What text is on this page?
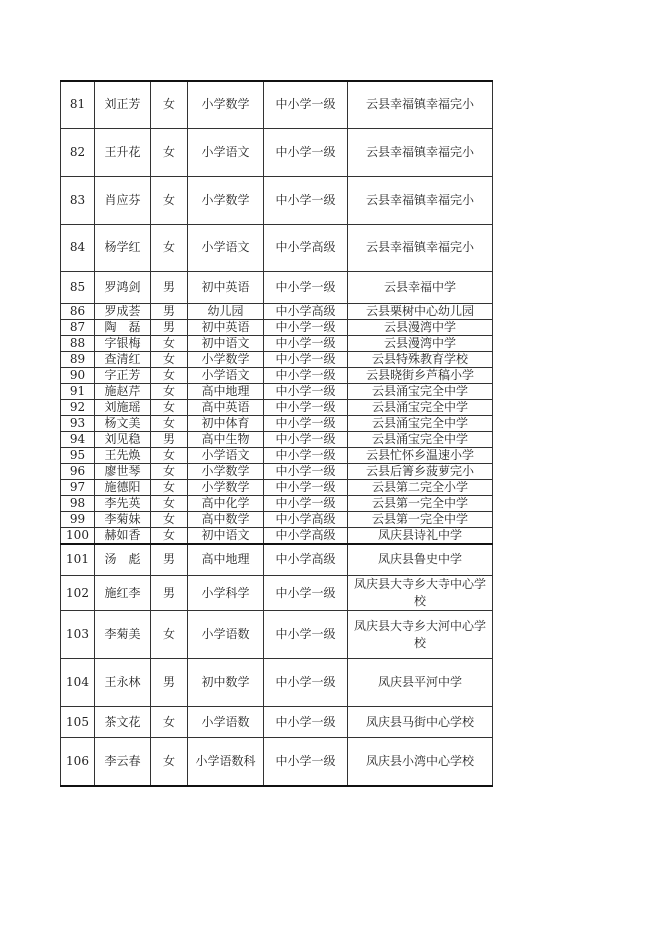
81	刘正芳	女	小学数学	中小学一级	云县幸福镇幸福完小
82	王升花	女	小学语文	中小学一级	云县幸福镇幸福完小
83	肖应芬	女	小学数学	中小学一级	云县幸福镇幸福完小
84	杨学红	女	小学语文	中小学高级	云县幸福镇幸福完小
85	罗鸿剑	男	初中英语	中小学一级	云县幸福中学
86	罗成荟	男	幼儿园	中小学高级	云县栗树中心幼儿园
87	陶　磊	男	初中英语	中小学一级	云县漫湾中学
88	字银梅	女	初中语文	中小学一级	云县漫湾中学
89	查清红	女	小学数学	中小学一级	云县特殊教育学校
90	字正芳	女	小学语文	中小学一级	云县晓街乡芦稿小学
91	施赵芹	女	高中地理	中小学一级	云县涌宝完全中学
92	刘施瑶	女	高中英语	中小学一级	云县涌宝完全中学
93	杨文美	女	初中体育	中小学一级	云县涌宝完全中学
94	刘见稳	男	高中生物	中小学一级	云县涌宝完全中学
95	王先焕	女	小学语文	中小学一级	云县忙怀乡温速小学
96	廖世琴	女	小学数学	中小学一级	云县后箐乡菠萝完小
97	施德阳	女	小学数学	中小学一级	云县第二完全小学
98	李先英	女	高中化学	中小学一级	云县第一完全中学
99	李菊妹	女	高中数学	中小学高级	云县第一完全中学
100	赫如香	女	初中语文	中小学高级	凤庆县诗礼中学
101	汤　彪	男	高中地理	中小学高级	凤庆县鲁史中学
102	施红李	男	小学科学	中小学一级	凤庆县大寺乡大寺中心学校
103	李菊美	女	小学语数	中小学一级	凤庆县大寺乡大河中心学校
104	王永林	男	初中数学	中小学一级	凤庆县平河中学
105	茶文花	女	小学语数	中小学一级	凤庆县马街中心学校
106	李云春	女	小学语数科	中小学一级	凤庆县小湾中心学校
